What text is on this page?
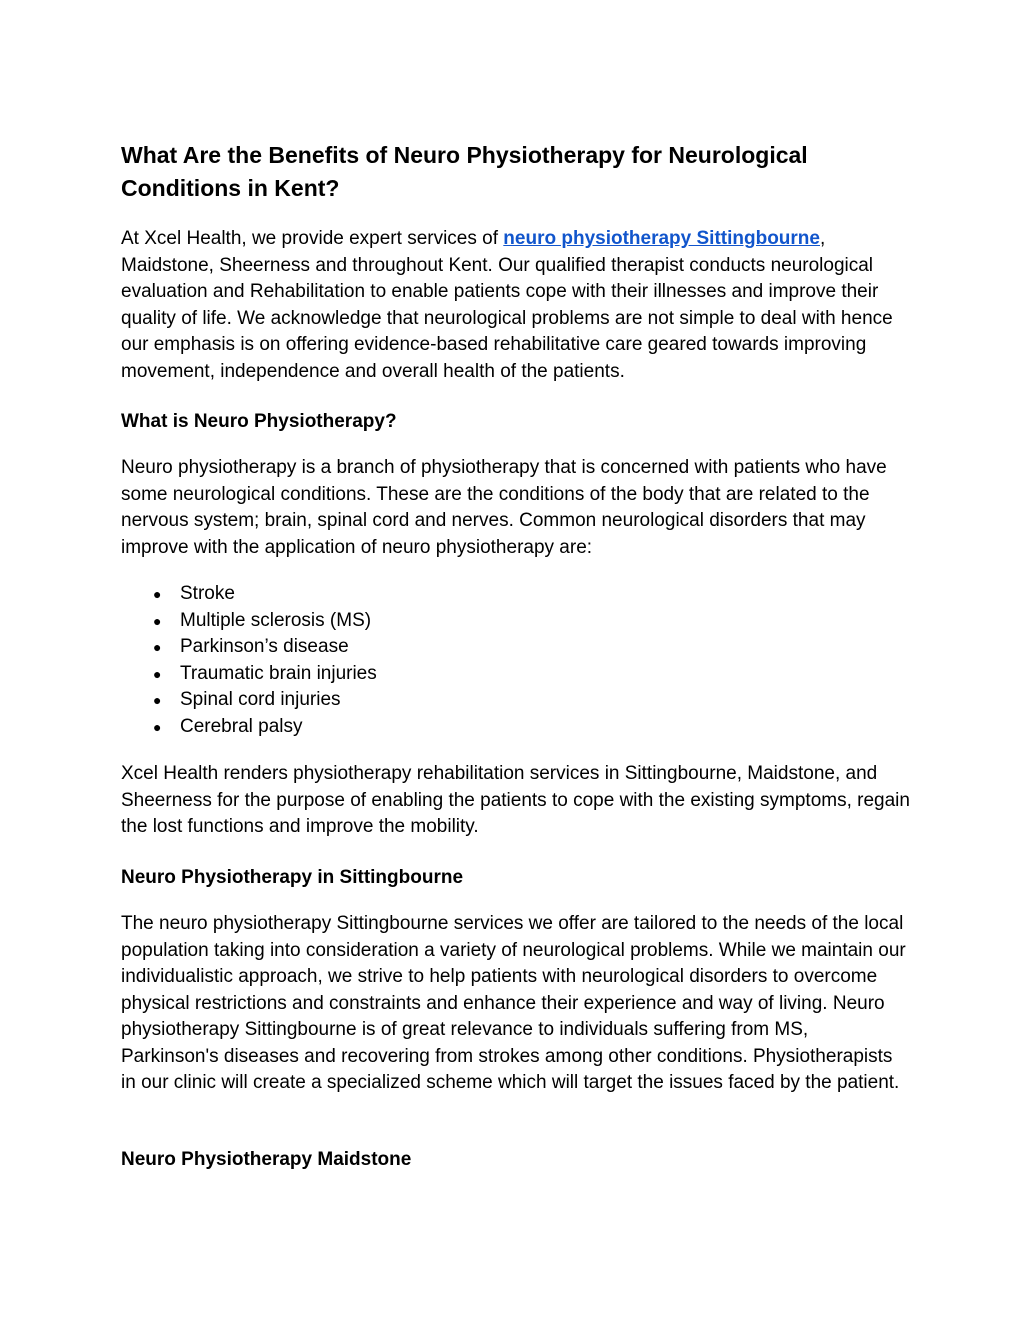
What Are the Benefits of Neuro Physiotherapy for Neurological Conditions in Kent?

At Xcel Health, we provide expert services of neuro physiotherapy Sittingbourne, Maidstone, Sheerness and throughout Kent. Our qualified therapist conducts neurological evaluation and Rehabilitation to enable patients cope with their illnesses and improve their quality of life. We acknowledge that neurological problems are not simple to deal with hence our emphasis is on offering evidence-based rehabilitative care geared towards improving movement, independence and overall health of the patients.

What is Neuro Physiotherapy?

Neuro physiotherapy is a branch of physiotherapy that is concerned with patients who have some neurological conditions. These are the conditions of the body that are related to the nervous system; brain, spinal cord and nerves. Common neurological disorders that may improve with the application of neuro physiotherapy are:

● Stroke
● Multiple sclerosis (MS)
● Parkinson’s disease
● Traumatic brain injuries
● Spinal cord injuries
● Cerebral palsy

Xcel Health renders physiotherapy rehabilitation services in Sittingbourne, Maidstone, and Sheerness for the purpose of enabling the patients to cope with the existing symptoms, regain the lost functions and improve the mobility.

Neuro Physiotherapy in Sittingbourne

The neuro physiotherapy Sittingbourne services we offer are tailored to the needs of the local population taking into consideration a variety of neurological problems. While we maintain our individualistic approach, we strive to help patients with neurological disorders to overcome physical restrictions and constraints and enhance their experience and way of living. Neuro physiotherapy Sittingbourne is of great relevance to individuals suffering from MS, Parkinson's diseases and recovering from strokes among other conditions. Physiotherapists in our clinic will create a specialized scheme which will target the issues faced by the patient.

Neuro Physiotherapy Maidstone
